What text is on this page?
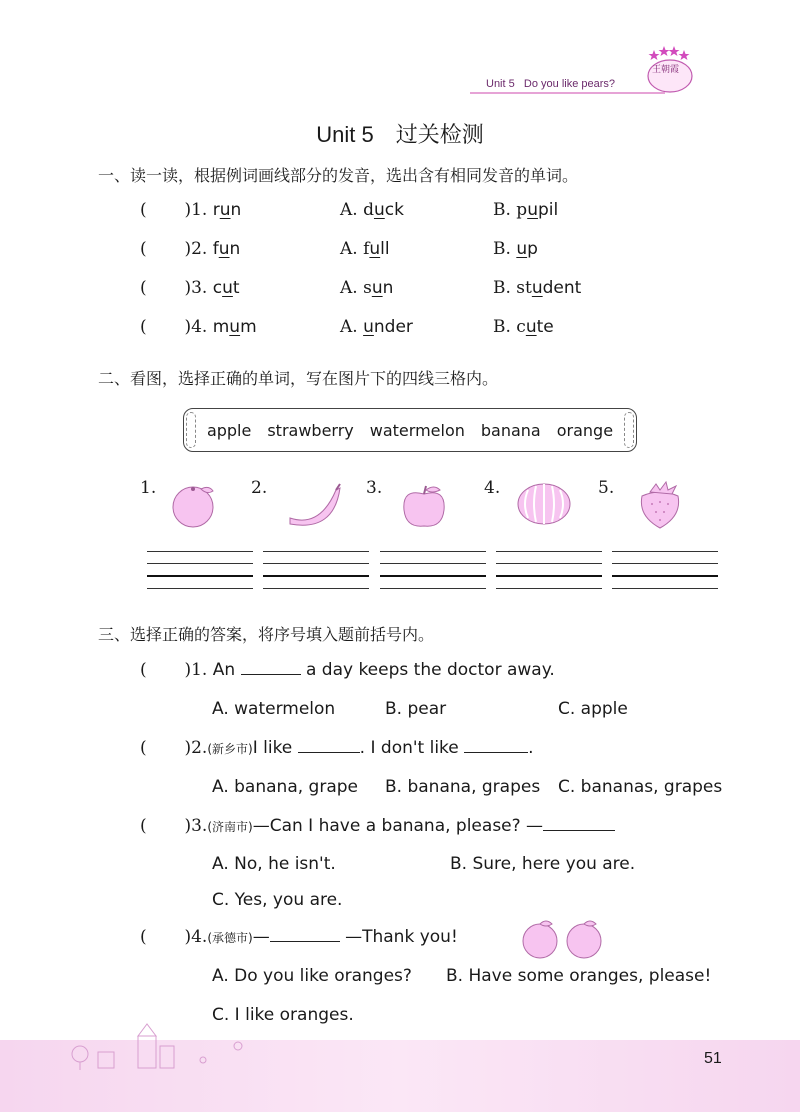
王朝霞
Unit 5 Do you like pears?
Unit 5　过关检测
一、读一读，根据例词画线部分的发音，选出含有相同发音的单词。
(       )1. run	A. duck	B. pupil
(       )2. fun	A. full	B. up
(       )3. cut	A. sun	B. student
(       )4. mum	A. under	B. cute
二、看图，选择正确的单词，写在图片下的四线三格内。
apple strawberry watermelon banana orange
1.	2.	3.	4.	5.
三、选择正确的答案，将序号填入题前括号内。
(       )1. An	a day keeps the doctor away.
A. watermelon	B. pear	C. apple
(       )2.(新乡市)I like	. I don't like	.
A. banana, grape B. banana, grapes C. bananas, grapes
(       )3.(济南市)—Can I have a banana, please? —
A. No, he isn't.	B. Sure, here you are.
C. Yes, you are.
(       )4.(承德市)—	—Thank you!
A. Do you like oranges? B. Have some oranges, please!
C. I like oranges.
51
